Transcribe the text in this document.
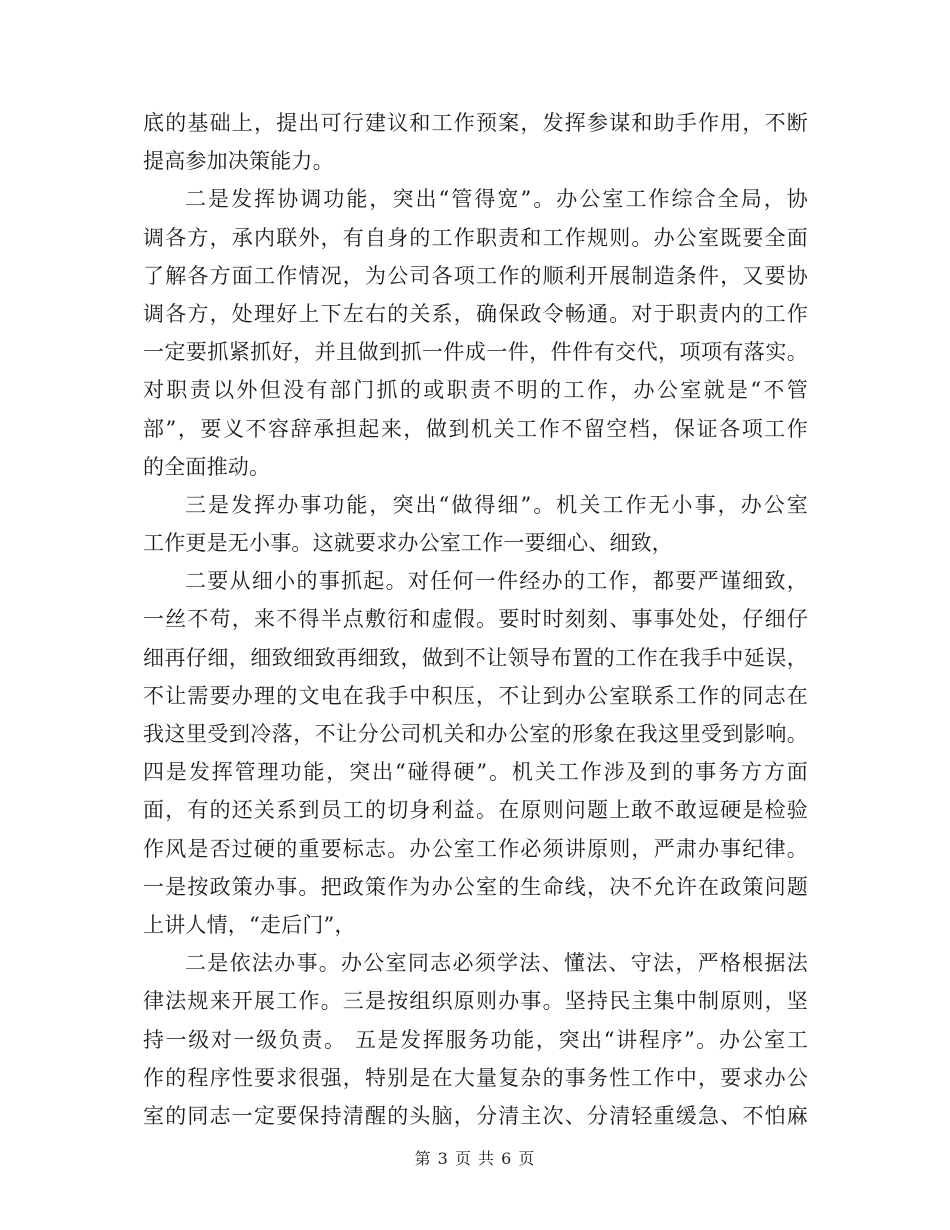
底的基础上，提出可行建议和工作预案，发挥参谋和助手作用，不断
提高参加决策能力。
二是发挥协调功能，突出“管得宽”。办公室工作综合全局，协
调各方，承内联外，有自身的工作职责和工作规则。办公室既要全面
了解各方面工作情况，为公司各项工作的顺利开展制造条件，又要协
调各方，处理好上下左右的关系，确保政令畅通。对于职责内的工作
一定要抓紧抓好，并且做到抓一件成一件，件件有交代，项项有落实。
对职责以外但没有部门抓的或职责不明的工作，办公室就是“不管
部”，要义不容辞承担起来，做到机关工作不留空档，保证各项工作
的全面推动。
三是发挥办事功能，突出“做得细”。机关工作无小事，办公室
工作更是无小事。这就要求办公室工作一要细心、细致，
二要从细小的事抓起。对任何一件经办的工作，都要严谨细致，
一丝不苟，来不得半点敷衍和虚假。要时时刻刻、事事处处，仔细仔
细再仔细，细致细致再细致，做到不让领导布置的工作在我手中延误，
不让需要办理的文电在我手中积压，不让到办公室联系工作的同志在
我这里受到冷落，不让分公司机关和办公室的形象在我这里受到影响。
四是发挥管理功能，突出“碰得硬”。机关工作涉及到的事务方方面
面，有的还关系到员工的切身利益。在原则问题上敢不敢逗硬是检验
作风是否过硬的重要标志。办公室工作必须讲原则，严肃办事纪律。
一是按政策办事。把政策作为办公室的生命线，决不允许在政策问题
上讲人情，“走后门”，
二是依法办事。办公室同志必须学法、懂法、守法，严格根据法
律法规来开展工作。三是按组织原则办事。坚持民主集中制原则，坚
持一级对一级负责。 五是发挥服务功能，突出“讲程序”。办公室工
作的程序性要求很强，特别是在大量复杂的事务性工作中，要求办公
室的同志一定要保持清醒的头脑，分清主次、分清轻重缓急、不怕麻
第 3 页 共 6 页
